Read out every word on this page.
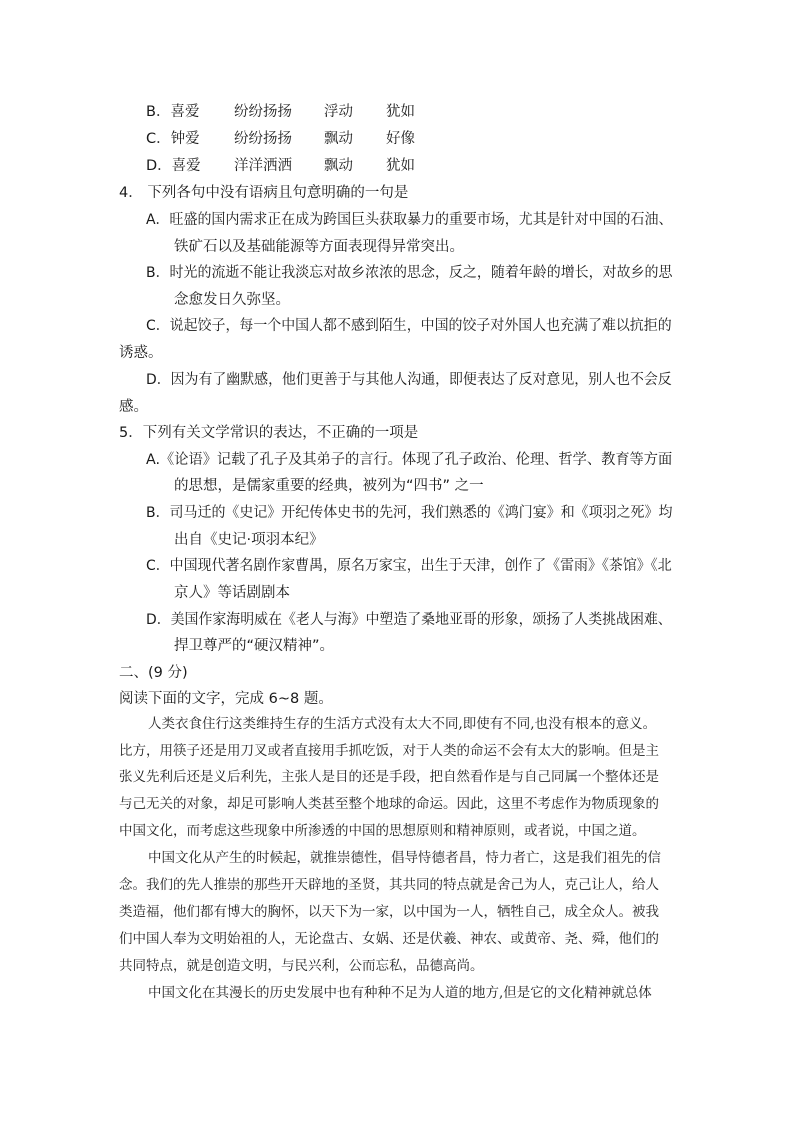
B．喜爱 纷纷扬扬 浮动 犹如
C．钟爱 纷纷扬扬 飘动 好像
D．喜爱 洋洋洒洒 飘动 犹如
4． 下列各句中没有语病且句意明确的一句是
A．旺盛的国内需求正在成为跨国巨头获取暴力的重要市场，尤其是针对中国的石油、
铁矿石以及基础能源等方面表现得异常突出。
B．时光的流逝不能让我淡忘对故乡浓浓的思念，反之，随着年龄的增长，对故乡的思
念愈发日久弥坚。
C．说起饺子，每一个中国人都不感到陌生，中国的饺子对外国人也充满了难以抗拒的
诱惑。
D．因为有了幽默感，他们更善于与其他人沟通，即便表达了反对意见，别人也不会反
感。
5．下列有关文学常识的表达，不正确的一项是
A.《论语》记载了孔子及其弟子的言行。体现了孔子政治、伦理、哲学、教育等方面
的思想，是儒家重要的经典，被列为“四书” 之一
B．司马迁的《史记》开纪传体史书的先河，我们熟悉的《鸿门宴》和《项羽之死》均
出自《史记·项羽本纪》
C．中国现代著名剧作家曹禺，原名万家宝，出生于天津，创作了《雷雨》《茶馆》《北
京人》等话剧剧本
D．美国作家海明威在《老人与海》中塑造了桑地亚哥的形象，颂扬了人类挑战困难、
捍卫尊严的“硬汉精神”。
二、(9 分)
阅读下面的文字，完成 6~8 题。
人类衣食住行这类维持生存的生活方式没有太大不同,即使有不同,也没有根本的意义。
比方，用筷子还是用刀叉或者直接用手抓吃饭，对于人类的命运不会有太大的影响。但是主
张义先利后还是义后利先，主张人是目的还是手段，把自然看作是与自己同属一个整体还是
与己无关的对象，却足可影响人类甚至整个地球的命运。因此，这里不考虑作为物质现象的
中国文化，而考虑这些现象中所渗透的中国的思想原则和精神原则，或者说，中国之道。
中国文化从产生的时候起，就推崇德性，倡导恃德者昌，恃力者亡，这是我们祖先的信
念。我们的先人推崇的那些开天辟地的圣贤，其共同的特点就是舍己为人，克己让人，给人
类造福，他们都有博大的胸怀，以天下为一家，以中国为一人，牺牲自己，成全众人。被我
们中国人奉为文明始祖的人，无论盘古、女娲、还是伏羲、神农、或黄帝、尧、舜，他们的
共同特点，就是创造文明，与民兴利，公而忘私，品德高尚。
中国文化在其漫长的历史发展中也有种种不足为人道的地方,但是它的文化精神就总体
